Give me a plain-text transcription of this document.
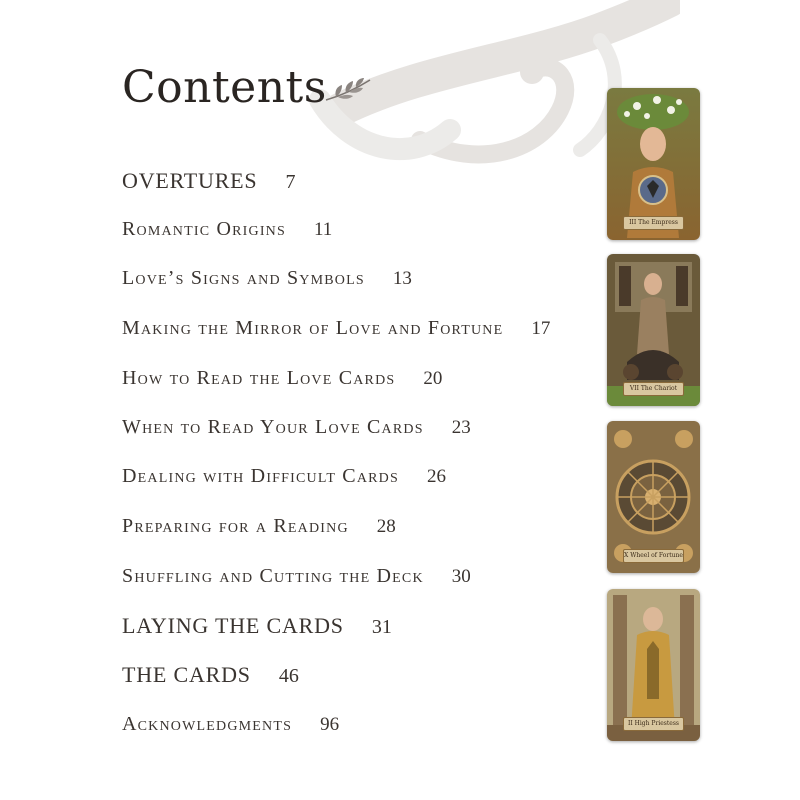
Contents
OVERTURES 7
Romantic Origins 11
Love’s Signs and Symbols 13
Making the Mirror of Love and Fortune 17
How to Read the Love Cards 20
When to Read Your Love Cards 23
Dealing with Difficult Cards 26
Preparing for a Reading 28
Shuffling and Cutting the Deck 30
LAYING THE CARDS 31
THE CARDS 46
Acknowledgments 96
III The Empress
VII The Chariot
X Wheel of Fortune
II High Priestess
